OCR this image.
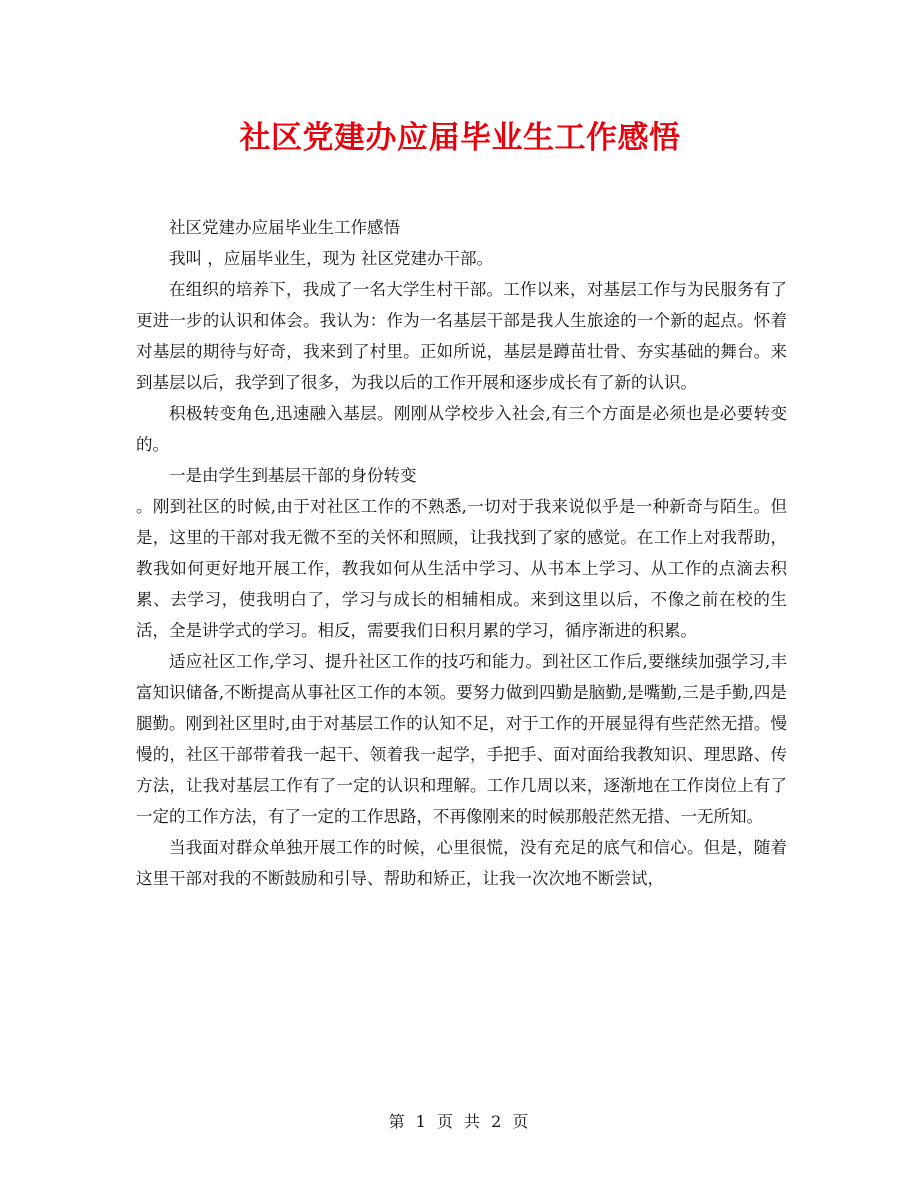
社区党建办应届毕业生工作感悟

社区党建办应届毕业生工作感悟

我叫 ，应届毕业生，现为 社区党建办干部。

在组织的培养下，我成了一名大学生村干部。工作以来，对基层工作与为民服务有了更进一步的认识和体会。我认为：作为一名基层干部是我人生旅途的一个新的起点。怀着对基层的期待与好奇，我来到了村里。正如所说，基层是蹲苗壮骨、夯实基础的舞台。来到基层以后，我学到了很多，为我以后的工作开展和逐步成长有了新的认识。

积极转变角色,迅速融入基层。刚刚从学校步入社会,有三个方面是必须也是必要转变的。

一是由学生到基层干部的身份转变

。刚到社区的时候,由于对社区工作的不熟悉,一切对于我来说似乎是一种新奇与陌生。但是，这里的干部对我无微不至的关怀和照顾，让我找到了家的感觉。在工作上对我帮助，教我如何更好地开展工作，教我如何从生活中学习、从书本上学习、从工作的点滴去积累、去学习，使我明白了，学习与成长的相辅相成。来到这里以后，不像之前在校的生活，全是讲学式的学习。相反，需要我们日积月累的学习，循序渐进的积累。

适应社区工作,学习、提升社区工作的技巧和能力。到社区工作后,要继续加强学习,丰富知识储备,不断提高从事社区工作的本领。要努力做到四勤是脑勤,是嘴勤,三是手勤,四是腿勤。刚到社区里时,由于对基层工作的认知不足，对于工作的开展显得有些茫然无措。慢慢的，社区干部带着我一起干、领着我一起学，手把手、面对面给我教知识、理思路、传方法，让我对基层工作有了一定的认识和理解。工作几周以来，逐渐地在工作岗位上有了一定的工作方法，有了一定的工作思路，不再像刚来的时候那般茫然无措、一无所知。

当我面对群众单独开展工作的时候，心里很慌，没有充足的底气和信心。但是，随着这里干部对我的不断鼓励和引导、帮助和矫正，让我一次次地不断尝试，

第 1 页 共 2 页
